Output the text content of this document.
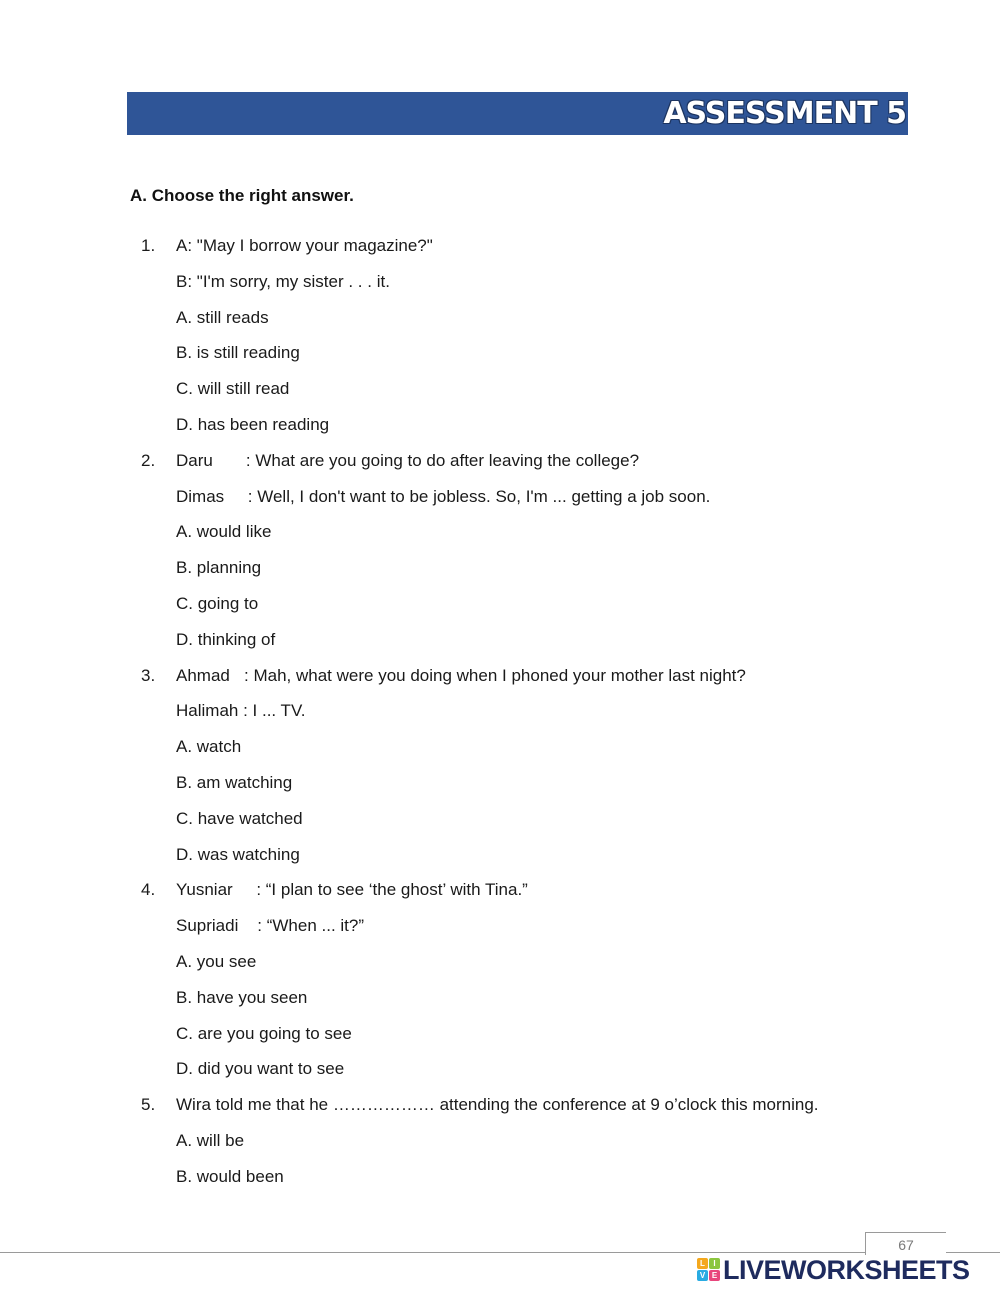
ASSESSMENT 5
A. Choose the right answer.
1. A: "May I borrow your magazine?"
B: "I'm sorry, my sister . . . it.
A. still reads
B. is still reading
C. will still read
D. has been reading
2. Daru       : What are you going to do after leaving the college?
Dimas     : Well, I don't want to be jobless. So, I'm ... getting a job soon.
A. would like
B. planning
C. going to
D. thinking of
3. Ahmad   : Mah, what were you doing when I phoned your mother last night?
Halimah : I ... TV.
A. watch
B. am watching
C. have watched
D. was watching
4. Yusniar     : “I plan to see ‘the ghost’ with Tina.”
Supriadi    : “When ... it?”
A. you see
B. have you seen
C. are you going to see
D. did you want to see
5. Wira told me that he ……………… attending the conference at 9 o’clock this morning.
A. will be
B. would been
67
L	I
V E LIVEWORKSHEETS
